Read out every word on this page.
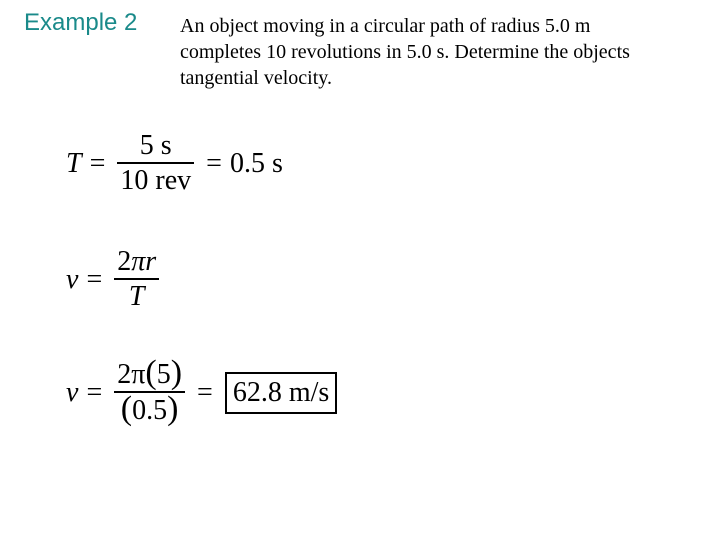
Example 2 An object moving in a circular path of radius 5.0 m
completes 10 revolutions in 5.0 s. Determine the objects
tangential velocity.
$T = \frac{5 s}{\text{10 rev}} = 0.5$ s
$v = \frac{2\pi r}{T}$
$v = \frac{2\pi(5)}{(0.5)} = 62.8$ m/s
